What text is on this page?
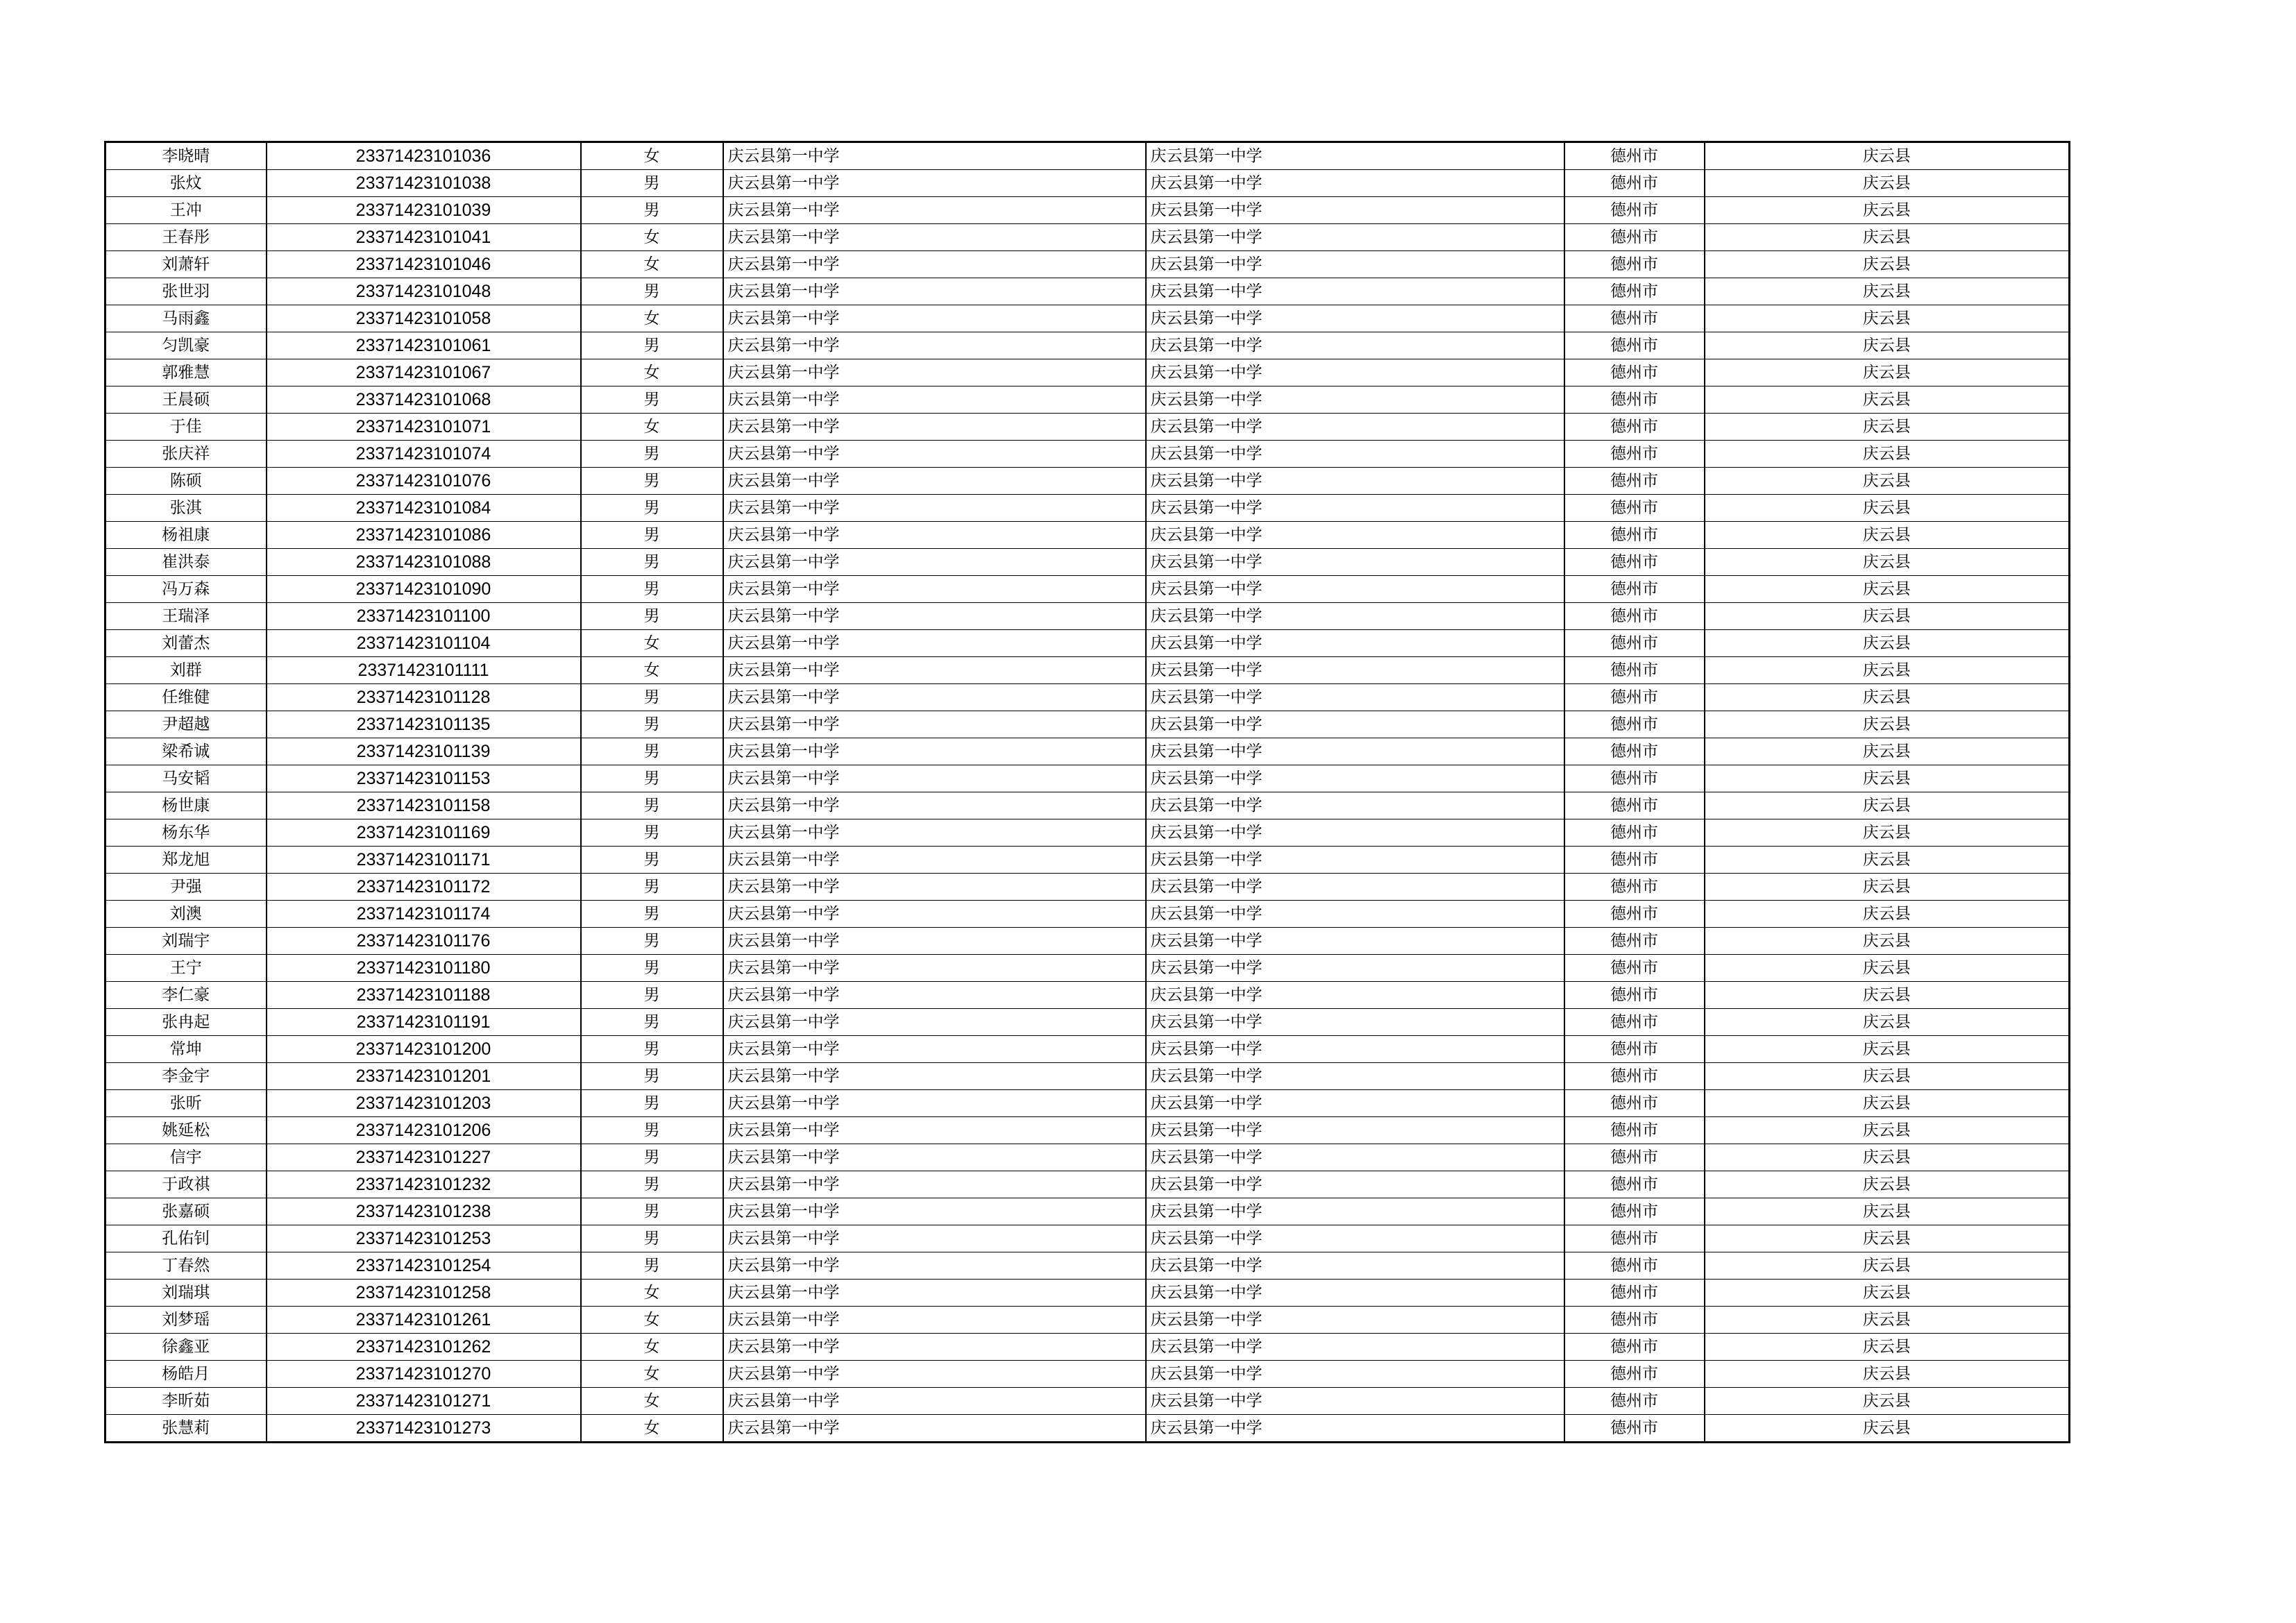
李晓晴	23371423101036	女	庆云县第一中学	庆云县第一中学	德州市	庆云县
张炆	23371423101038	男	庆云县第一中学	庆云县第一中学	德州市	庆云县
王冲	23371423101039	男	庆云县第一中学	庆云县第一中学	德州市	庆云县
王春彤	23371423101041	女	庆云县第一中学	庆云县第一中学	德州市	庆云县
刘萧轩	23371423101046	女	庆云县第一中学	庆云县第一中学	德州市	庆云县
张世羽	23371423101048	男	庆云县第一中学	庆云县第一中学	德州市	庆云县
马雨鑫	23371423101058	女	庆云县第一中学	庆云县第一中学	德州市	庆云县
匀凯豪	23371423101061	男	庆云县第一中学	庆云县第一中学	德州市	庆云县
郭雅慧	23371423101067	女	庆云县第一中学	庆云县第一中学	德州市	庆云县
王晨硕	23371423101068	男	庆云县第一中学	庆云县第一中学	德州市	庆云县
于佳	23371423101071	女	庆云县第一中学	庆云县第一中学	德州市	庆云县
张庆祥	23371423101074	男	庆云县第一中学	庆云县第一中学	德州市	庆云县
陈硕	23371423101076	男	庆云县第一中学	庆云县第一中学	德州市	庆云县
张淇	23371423101084	男	庆云县第一中学	庆云县第一中学	德州市	庆云县
杨祖康	23371423101086	男	庆云县第一中学	庆云县第一中学	德州市	庆云县
崔洪泰	23371423101088	男	庆云县第一中学	庆云县第一中学	德州市	庆云县
冯万森	23371423101090	男	庆云县第一中学	庆云县第一中学	德州市	庆云县
王瑞泽	23371423101100	男	庆云县第一中学	庆云县第一中学	德州市	庆云县
刘蕾杰	23371423101104	女	庆云县第一中学	庆云县第一中学	德州市	庆云县
刘群	23371423101111	女	庆云县第一中学	庆云县第一中学	德州市	庆云县
任维健	23371423101128	男	庆云县第一中学	庆云县第一中学	德州市	庆云县
尹超越	23371423101135	男	庆云县第一中学	庆云县第一中学	德州市	庆云县
梁希诚	23371423101139	男	庆云县第一中学	庆云县第一中学	德州市	庆云县
马安韬	23371423101153	男	庆云县第一中学	庆云县第一中学	德州市	庆云县
杨世康	23371423101158	男	庆云县第一中学	庆云县第一中学	德州市	庆云县
杨东华	23371423101169	男	庆云县第一中学	庆云县第一中学	德州市	庆云县
郑龙旭	23371423101171	男	庆云县第一中学	庆云县第一中学	德州市	庆云县
尹强	23371423101172	男	庆云县第一中学	庆云县第一中学	德州市	庆云县
刘澳	23371423101174	男	庆云县第一中学	庆云县第一中学	德州市	庆云县
刘瑞宇	23371423101176	男	庆云县第一中学	庆云县第一中学	德州市	庆云县
王宁	23371423101180	男	庆云县第一中学	庆云县第一中学	德州市	庆云县
李仁豪	23371423101188	男	庆云县第一中学	庆云县第一中学	德州市	庆云县
张冉起	23371423101191	男	庆云县第一中学	庆云县第一中学	德州市	庆云县
常坤	23371423101200	男	庆云县第一中学	庆云县第一中学	德州市	庆云县
李金宇	23371423101201	男	庆云县第一中学	庆云县第一中学	德州市	庆云县
张昕	23371423101203	男	庆云县第一中学	庆云县第一中学	德州市	庆云县
姚延松	23371423101206	男	庆云县第一中学	庆云县第一中学	德州市	庆云县
信宇	23371423101227	男	庆云县第一中学	庆云县第一中学	德州市	庆云县
于政祺	23371423101232	男	庆云县第一中学	庆云县第一中学	德州市	庆云县
张嘉硕	23371423101238	男	庆云县第一中学	庆云县第一中学	德州市	庆云县
孔佑钊	23371423101253	男	庆云县第一中学	庆云县第一中学	德州市	庆云县
丁春然	23371423101254	男	庆云县第一中学	庆云县第一中学	德州市	庆云县
刘瑞琪	23371423101258	女	庆云县第一中学	庆云县第一中学	德州市	庆云县
刘梦瑶	23371423101261	女	庆云县第一中学	庆云县第一中学	德州市	庆云县
徐鑫亚	23371423101262	女	庆云县第一中学	庆云县第一中学	德州市	庆云县
杨皓月	23371423101270	女	庆云县第一中学	庆云县第一中学	德州市	庆云县
李昕茹	23371423101271	女	庆云县第一中学	庆云县第一中学	德州市	庆云县
张慧莉	23371423101273	女	庆云县第一中学	庆云县第一中学	德州市	庆云县
